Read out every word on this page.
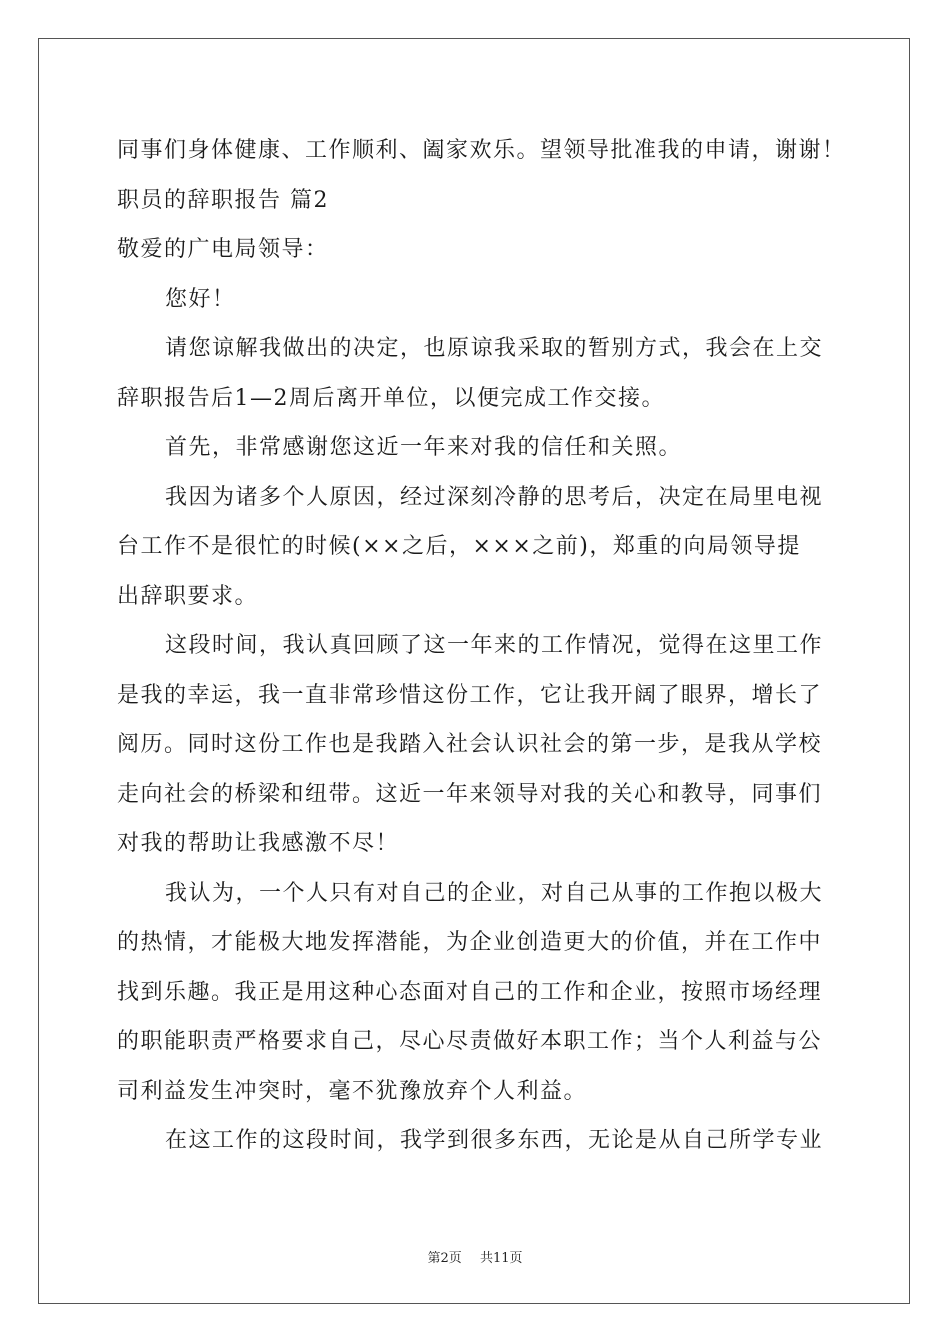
同事们身体健康、工作顺利、阖家欢乐。望领导批准我的申请，谢谢！
职员的辞职报告 篇2
敬爱的广电局领导：
您好！
请您谅解我做出的决定，也原谅我采取的暂别方式，我会在上交
辞职报告后1—2周后离开单位，以便完成工作交接。
首先，非常感谢您这近一年来对我的信任和关照。
我因为诸多个人原因，经过深刻冷静的思考后，决定在局里电视
台工作不是很忙的时候(××之后，×××之前)，郑重的向局领导提
出辞职要求。
这段时间，我认真回顾了这一年来的工作情况，觉得在这里工作
是我的幸运，我一直非常珍惜这份工作，它让我开阔了眼界，增长了
阅历。同时这份工作也是我踏入社会认识社会的第一步，是我从学校
走向社会的桥梁和纽带。这近一年来领导对我的关心和教导，同事们
对我的帮助让我感激不尽！
我认为，一个人只有对自己的企业，对自己从事的工作抱以极大
的热情，才能极大地发挥潜能，为企业创造更大的价值，并在工作中
找到乐趣。我正是用这种心态面对自己的工作和企业，按照市场经理
的职能职责严格要求自己，尽心尽责做好本职工作；当个人利益与公
司利益发生冲突时，毫不犹豫放弃个人利益。
在这工作的这段时间，我学到很多东西，无论是从自己所学专业
第2页 共11页
